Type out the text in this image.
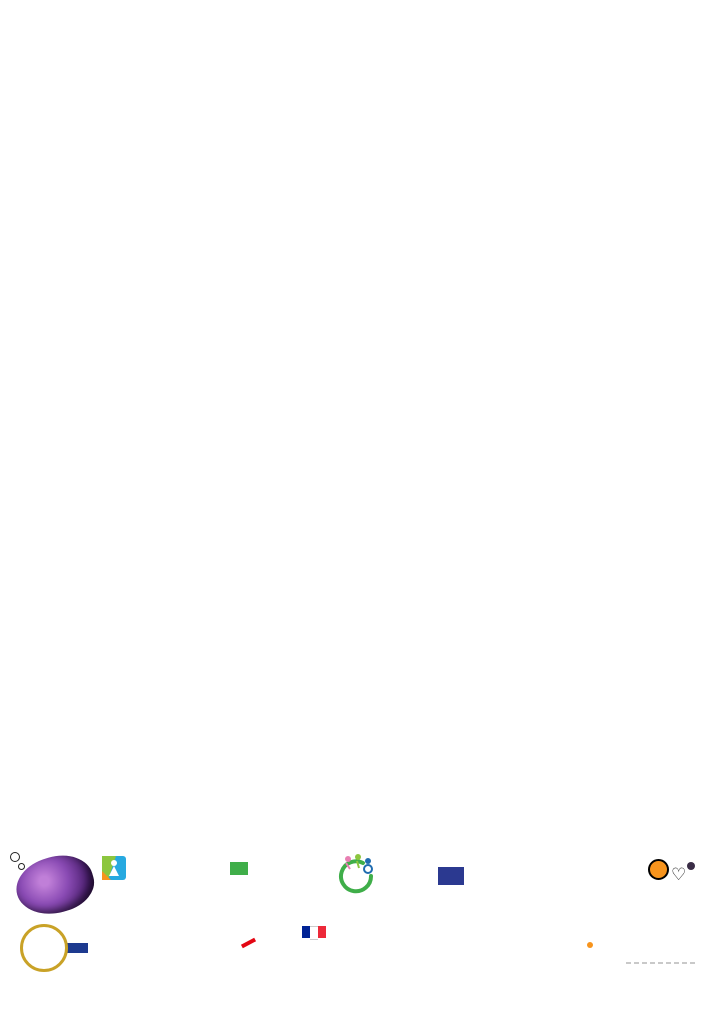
♡
